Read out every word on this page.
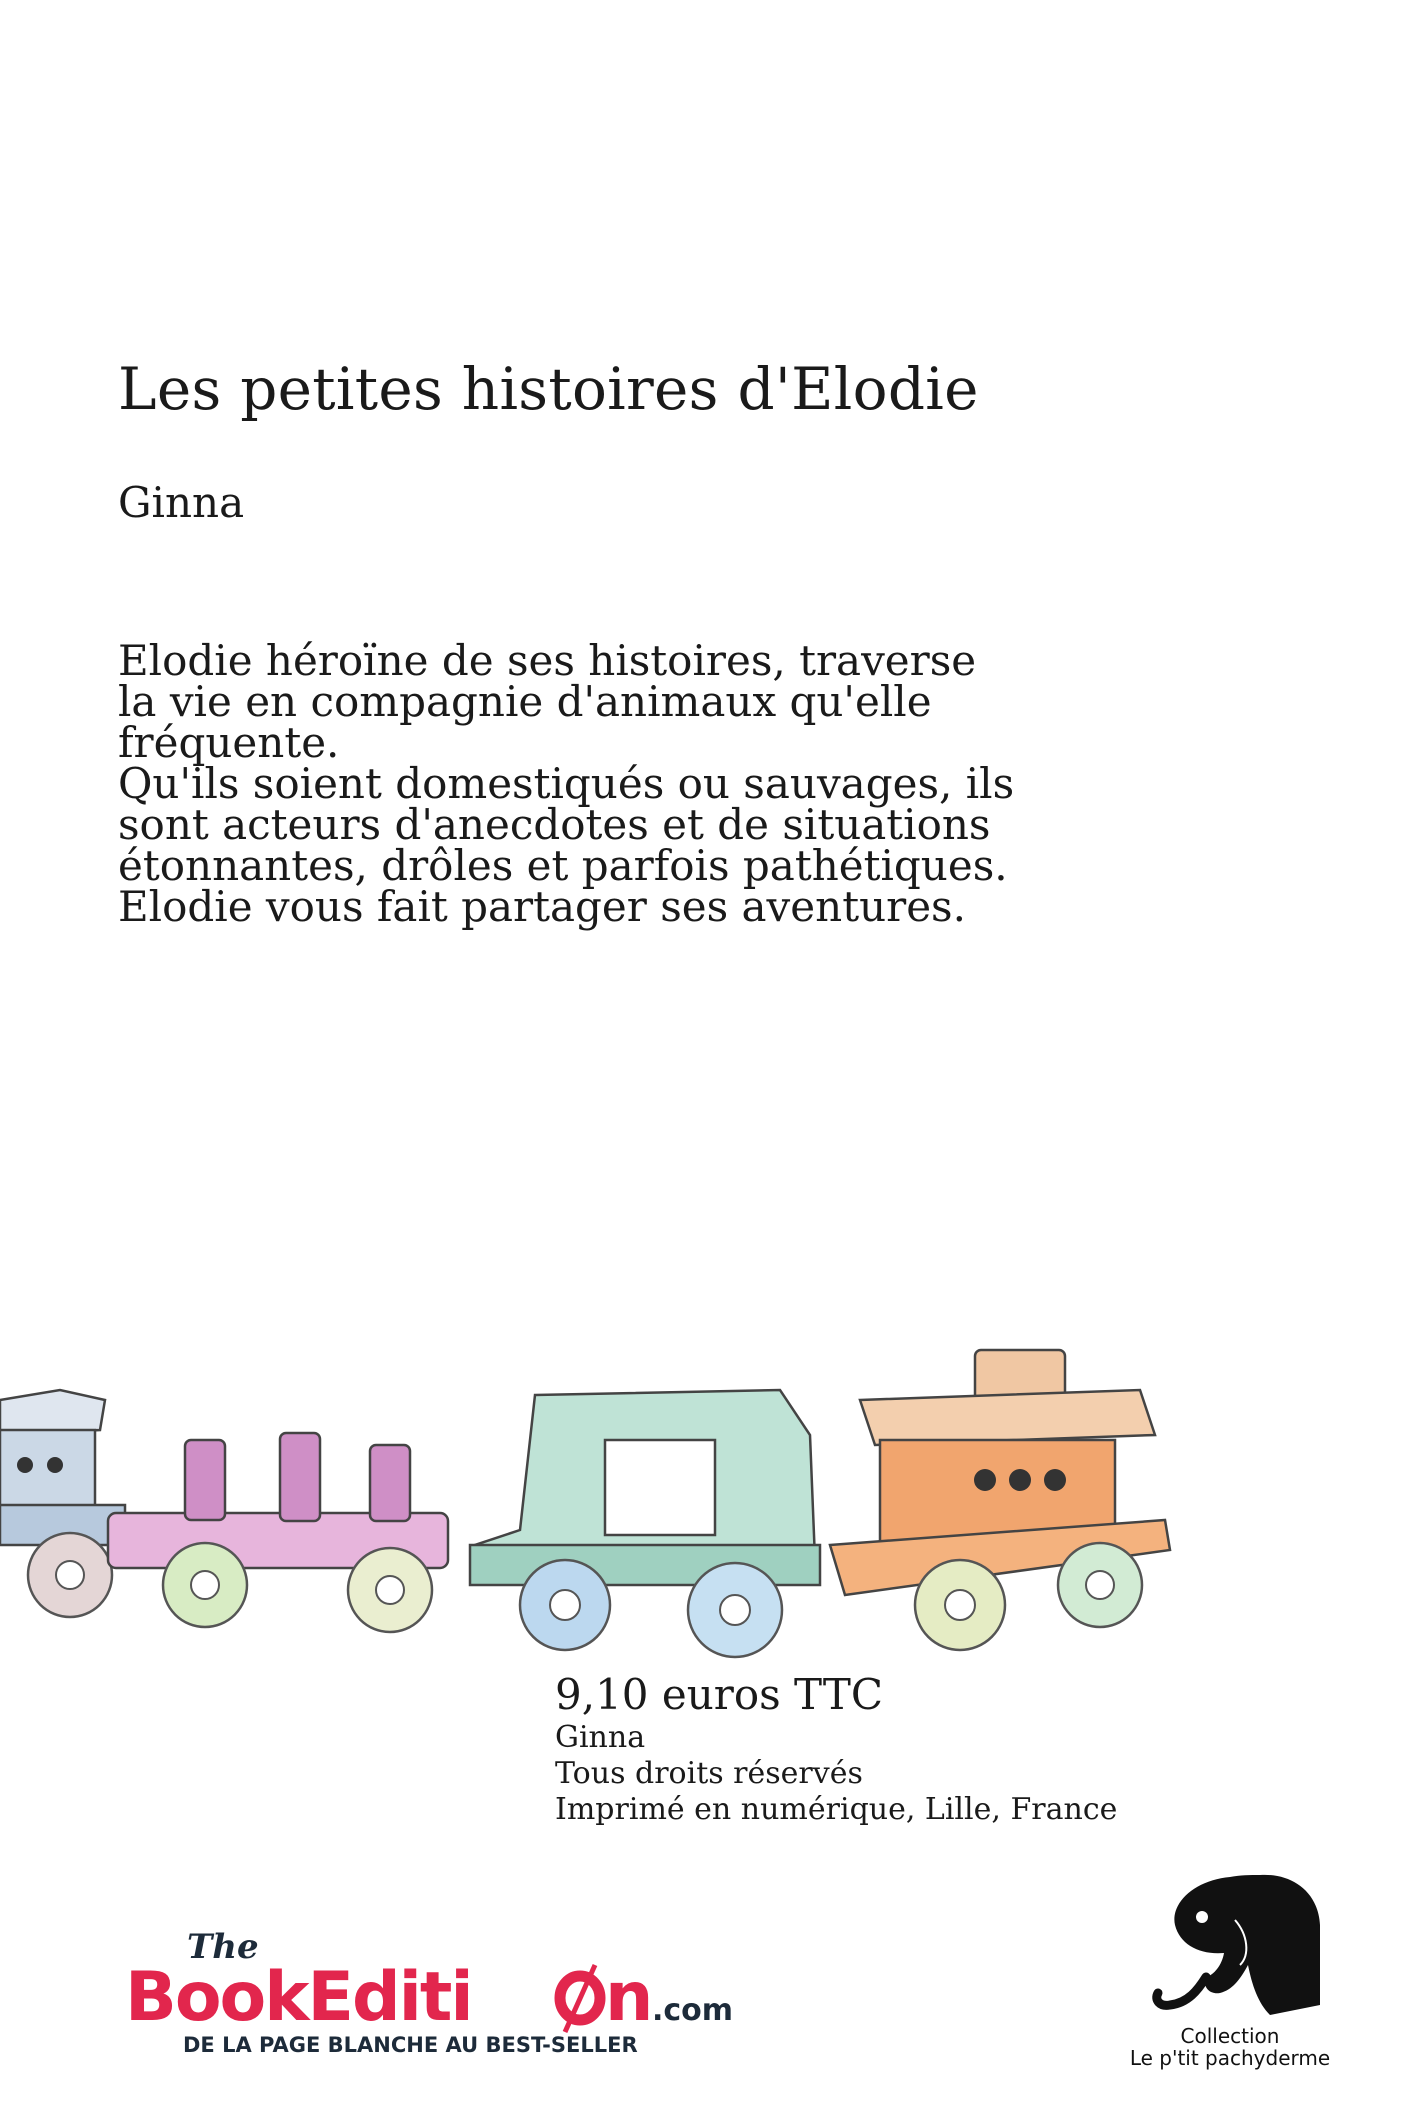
Les petites histoires d'Elodie
Ginna

Elodie héroïne de ses histoires, traverse la vie en compagnie d'animaux qu'elle fréquente.

Qu'ils soient domestiqués ou sauvages, ils sont acteurs d'anecdotes et de situations étonnantes, drôles et parfois pathétiques.

Elodie vous fait partager ses aventures.

9,10 euros TTC
Ginna
Tous droits réservés
Imprimé en numérique, Lille, France
The
BookEditi n
.com
DE LA PAGE BLANCHE AU BEST-SELLER	Collection
Le p'tit pachyderme
